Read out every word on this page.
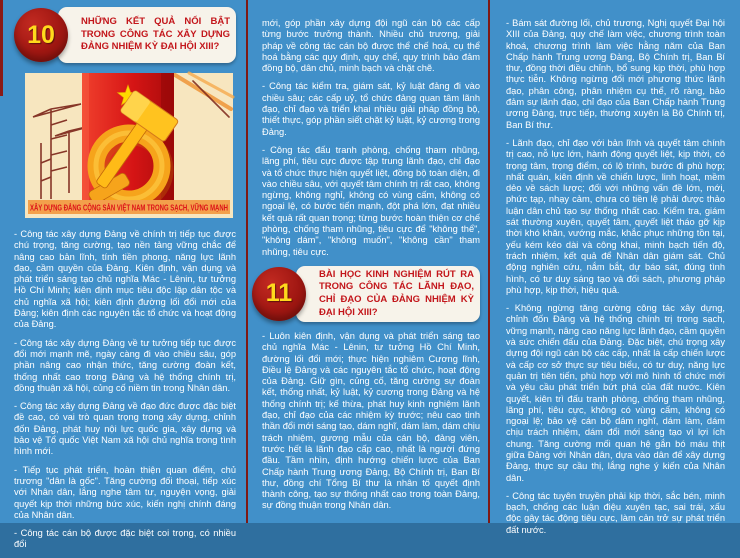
10	NHỮNG KẾT QUẢ NỔI BẬT TRONG CÔNG TÁC XÂY DỰNG ĐẢNG NHIỆM KỲ ĐẠI HỘI XIII?
XÂY DỰNG ĐẢNG CỘNG SẢN VIỆT NAM TRONG SẠCH, VỮNG MẠNH

- Công tác xây dựng Đảng về chính trị tiếp tục được chú trọng, tăng cường, tạo nền tảng vững chắc để nâng cao bản lĩnh, tính tiền phong, năng lực lãnh đạo, cầm quyền của Đảng. Kiên định, vận dụng và phát triển sáng tạo chủ nghĩa Mác - Lênin, tư tưởng Hồ Chí Minh; kiên định mục tiêu độc lập dân tộc và chủ nghĩa xã hội; kiên định đường lối đổi mới của Đảng; kiên định các nguyên tắc tổ chức và hoạt động của Đảng.

- Công tác xây dựng Đảng về tư tưởng tiếp tục được đổi mới mạnh mẽ, ngày càng đi vào chiều sâu, góp phần nâng cao nhận thức, tăng cường đoàn kết, thống nhất cao trong Đảng và hệ thống chính trị, đồng thuận xã hội, củng cố niềm tin trong Nhân dân.

- Công tác xây dựng Đảng về đạo đức được đặc biệt đề cao, có vai trò quan trọng trong xây dựng, chỉnh đốn Đảng, phát huy nội lực quốc gia, xây dựng và bảo vệ Tổ quốc Việt Nam xã hội chủ nghĩa trong tình hình mới.

- Tiếp tục phát triển, hoàn thiện quan điểm, chủ trương "dân là gốc". Tăng cường đối thoại, tiếp xúc với Nhân dân, lắng nghe tâm tư, nguyện vọng, giải quyết kịp thời những bức xúc, kiến nghị chính đáng của Nhân dân.

- Công tác cán bộ được đặc biệt coi trọng, có nhiều đổi

mới, góp phần xây dựng đội ngũ cán bộ các cấp từng bước trưởng thành. Nhiều chủ trương, giải pháp về công tác cán bộ được thể chế hoá, cụ thể hoá bằng các quy định, quy chế, quy trình bảo đảm đồng bộ, dân chủ, minh bạch và chặt chẽ.

- Công tác kiểm tra, giám sát, kỷ luật đảng đi vào chiều sâu; các cấp uỷ, tổ chức đảng quan tâm lãnh đạo, chỉ đạo và triển khai nhiều giải pháp đồng bộ, thiết thực, góp phần siết chặt kỷ luật, kỷ cương trong Đảng.

- Công tác đấu tranh phòng, chống tham nhũng, lãng phí, tiêu cực được tập trung lãnh đạo, chỉ đạo và tổ chức thực hiện quyết liệt, đồng bộ toàn diện, đi vào chiều sâu, với quyết tâm chính trị rất cao, không ngừng, không nghỉ, không có vùng cấm, không có ngoại lệ, có bước tiến mạnh, đột phá lớn, đạt nhiều kết quả rất quan trọng; từng bước hoàn thiện cơ chế phòng, chống tham nhũng, tiêu cực để "không thể", "không dám", "không muốn", "không cần" tham nhũng, tiêu cực.

11
BÀI HỌC KINH NGHIỆM RÚT RA TRONG CÔNG TÁC LÃNH ĐẠO, CHỈ ĐẠO CỦA ĐẢNG NHIỆM KỲ ĐẠI HỘI XIII?

- Luôn kiên định, vận dụng và phát triển sáng tạo chủ nghĩa Mác - Lênin, tư tưởng Hồ Chí Minh, đường lối đổi mới; thực hiện nghiêm Cương lĩnh, Điều lệ Đảng và các nguyên tắc tổ chức, hoạt động của Đảng. Giữ gìn, củng cố, tăng cường sự đoàn kết, thống nhất, kỷ luật, kỷ cương trong Đảng và hệ thống chính trị; kế thừa, phát huy kinh nghiệm lãnh đạo, chỉ đạo của các nhiệm kỳ trước; nêu cao tinh thần đổi mới sáng tạo, dám nghĩ, dám làm, dám chịu trách nhiệm, gương mẫu của cán bộ, đảng viên, trước hết là lãnh đạo cấp cao, nhất là người đứng đầu. Tầm nhìn, định hướng chiến lược của Ban Chấp hành Trung ương Đảng, Bộ Chính trị, Ban Bí thư, đồng chí Tổng Bí thư là nhân tố quyết định thành công, tạo sự thống nhất cao trong toàn Đảng, sự đồng thuận trong Nhân dân.

- Bám sát đường lối, chủ trương, Nghị quyết Đại hội XIII của Đảng, quy chế làm việc, chương trình toàn khoá, chương trình làm việc hằng năm của Ban Chấp hành Trung ương Đảng, Bộ Chính trị, Ban Bí thư, đồng thời điều chỉnh, bổ sung kịp thời, phù hợp thực tiễn. Không ngừng đổi mới phương thức lãnh đạo, phân công, phân nhiệm cụ thể, rõ ràng, bảo đảm sự lãnh đạo, chỉ đạo của Ban Chấp hành Trung ương Đảng, trực tiếp, thường xuyên là Bộ Chính trị, Ban Bí thư.

- Lãnh đạo, chỉ đạo với bản lĩnh và quyết tâm chính trị cao, nỗ lực lớn, hành động quyết liệt, kịp thời, có trọng tâm, trọng điểm, có lộ trình, bước đi phù hợp; nhất quán, kiên định về chiến lược, linh hoạt, mềm dẻo về sách lược; đối với những vấn đề lớn, mới, phức tạp, nhạy cảm, chưa có tiền lệ phải được thảo luận dân chủ tạo sự thống nhất cao. Kiểm tra, giám sát thường xuyên, quyết tâm, quyết liệt tháo gỡ kịp thời khó khăn, vướng mắc, khắc phục những tồn tại, yếu kém kéo dài và công khai, minh bạch tiến độ, trách nhiệm, kết quả để Nhân dân giám sát. Chủ động nghiên cứu, nắm bắt, dự báo sát, đúng tình hình, có tư duy sáng tạo và đối sách, phương pháp phù hợp, kịp thời, hiệu quả.

- Không ngừng tăng cường công tác xây dựng, chỉnh đốn Đảng và hệ thống chính trị trong sạch, vững mạnh, nâng cao năng lực lãnh đạo, cầm quyền và sức chiến đấu của Đảng. Đặc biệt, chú trọng xây dựng đội ngũ cán bộ các cấp, nhất là cấp chiến lược và cấp cơ sở thực sự tiêu biểu, có tư duy, năng lực quản trị tiên tiến, phù hợp với mô hình tổ chức mới và yêu cầu phát triển bứt phá của đất nước. Kiên quyết, kiên trì đấu tranh phòng, chống tham nhũng, lãng phí, tiêu cực, không có vùng cấm, không có ngoại lệ; bảo vệ cán bộ dám nghĩ, dám làm, dám chịu trách nhiệm, dám đổi mới sáng tạo vì lợi ích chung. Tăng cường mối quan hệ gắn bó máu thịt giữa Đảng với Nhân dân, dựa vào dân để xây dựng Đảng, thực sự cầu thị, lắng nghe ý kiến của Nhân dân.

- Công tác tuyên truyền phải kịp thời, sắc bén, minh bạch, chống các luận điệu xuyên tạc, sai trái, xấu độc gây tác động tiêu cực, làm cản trở sự phát triển đất nước.
